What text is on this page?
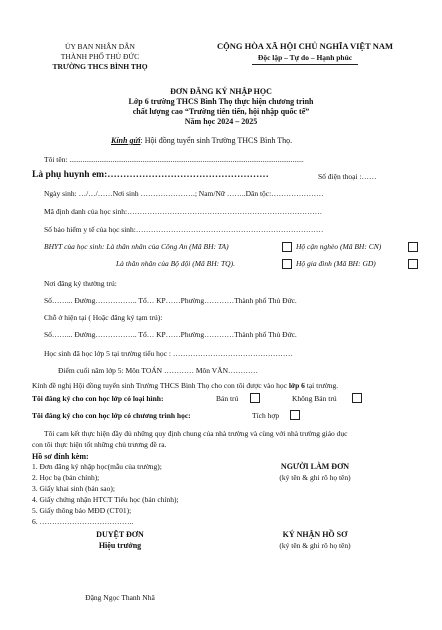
ỦY BAN NHÂN DÂN
THÀNH PHỐ THỦ ĐỨC
TRƯỜNG THCS BÌNH THỌ
CỘNG HÒA XÃ HỘI CHỦ NGHĨA VIỆT NAM
Độc lập – Tự do – Hạnh phúc
ĐƠN ĐĂNG KÝ NHẬP HỌC
Lớp 6 trường THCS Bình Thọ thực hiện chương trình
chất lượng cao “Trường tiên tiến, hội nhập quốc tế”
Năm học 2024 – 2025
Kính gửi: Hội đồng tuyển sinh Trường THCS Bình Thọ.
Tôi tên: .............................................................................................................................
Là phụ huynh em:……………………………………………	Số điện thoại :……
Ngày sinh: …/…/……Nơi sinh ………………….; Nam/Nữ ……..Dân tộc:…………………
Mã định danh của học sinh:……………………………………………………………………
Số bảo hiểm y tế của học sinh:…………………………………………………………………
BHYT của học sinh: Là thân nhân của Công An (Mã BH: TA)	Hộ cận nghèo (Mã BH: CN)
Là thân nhân của Bộ đội (Mã BH: TQ).	Hộ gia đình (Mã BH: GD)
Nơi đăng ký thường trú:
Số……... Đường…………….. Tổ… KP……Phường…………Thành phố Thủ Đức.
Chỗ ở hiện tại ( Hoặc đăng ký tạm trú):
Số……... Đường…………….. Tổ… KP……Phường…………Thành phố Thủ Đức.
Học sinh đã học lớp 5 tại trường tiểu học : …………………………………………
Điểm cuối năm lớp 5: Môn TOÁN ………… Môn VĂN…………
Kính đề nghị Hội đồng tuyển sinh Trường THCS Bình Thọ cho con tôi được vào học lớp 6 tại trường.
Tôi đăng ký cho con học lớp có loại hình:	Bán trú	Không Bán trú
Tôi đăng ký cho con học lớp có chương trình học:	Tích hợp
Tôi cam kết thực hiện đầy đủ những quy định chung của nhà trường và cùng với nhà trường giáo dục
con tôi thực hiện tốt những chủ trương đề ra.
Hồ sơ đính kèm:
1. Đơn đăng ký nhập học(mẫu của trường);
2. Học bạ (bản chính);
3. Giấy khai sinh (bản sao);
4. Giấy chứng nhận HTCT Tiểu học (bản chính);
5. Giấy thông báo MĐD (CT01);
6. ………………………………..
NGƯỜI LÀM ĐƠN
(ký tên & ghi rõ họ tên)
DUYỆT ĐƠN
Hiệu trưởng
KÝ NHẬN HỒ SƠ
(ký tên & ghi rõ họ tên)
Đặng Ngọc Thanh Nhã
